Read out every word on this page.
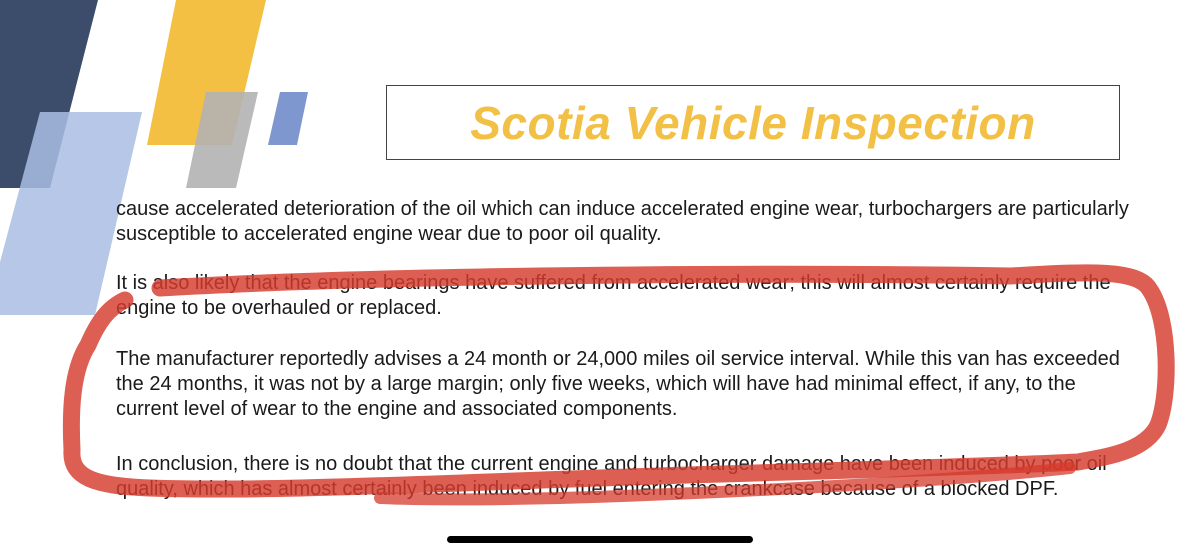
Scotia Vehicle Inspection

cause accelerated deterioration of the oil which can induce accelerated engine wear, turbochargers are particularly susceptible to accelerated engine wear due to poor oil quality.

It is also likely that the engine bearings have suffered from accelerated wear; this will almost certainly require the engine to be overhauled or replaced.

The manufacturer reportedly advises a 24 month or 24,000 miles oil service interval. While this van has exceeded the 24 months, it was not by a large margin; only five weeks, which will have had minimal effect, if any, to the current level of wear to the engine and associated components.

In conclusion, there is no doubt that the current engine and turbocharger damage have been induced by poor oil quality, which has almost certainly been induced by fuel entering the crankcase because of a blocked DPF.
